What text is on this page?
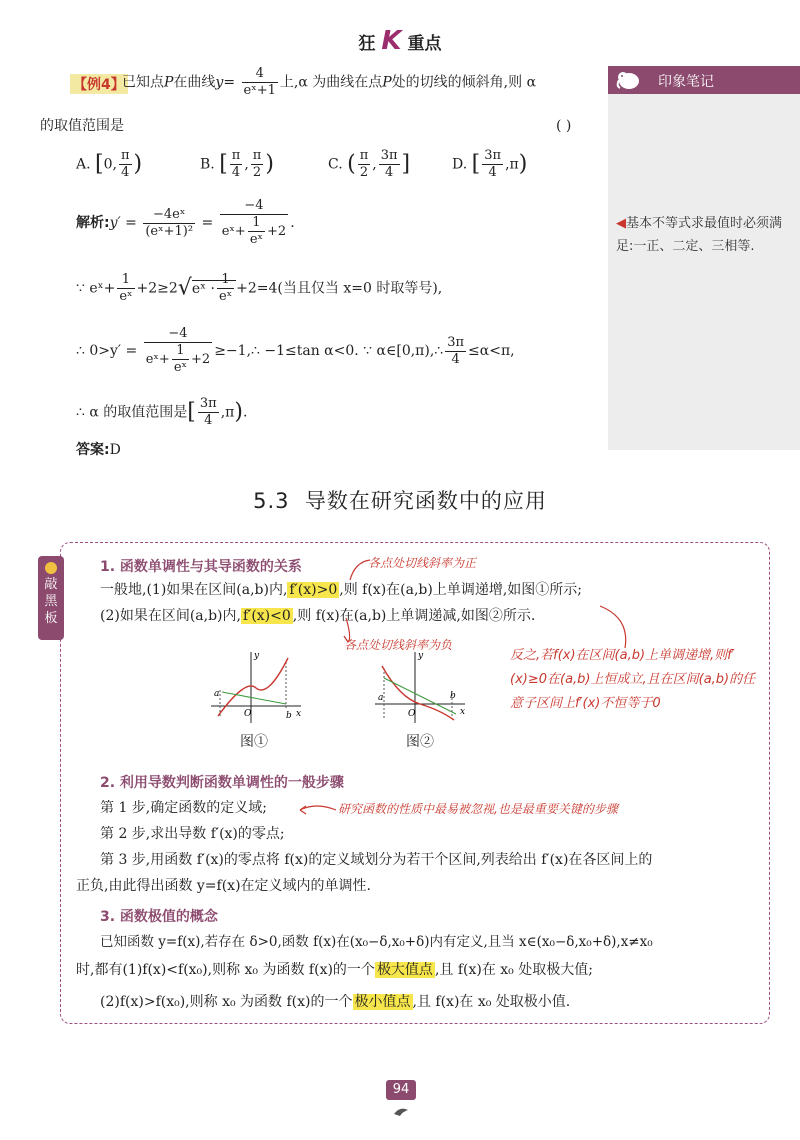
狂 K 重点
印象笔记
◀基本不等式求最值时必须满足:一正、二定、三相等.
【例4】
已知点P在曲线$y= \frac{4}{\text{eˣ+1}}$ 上,α 为曲线在点P处的切线的倾斜角,则 α
的取值范围是	( )
A. [0, $\frac{\pi}{4}$ )	B. [ $\frac{\pi}{4}$ , $\frac{\pi}{2}$ )	C. ( $\frac{\pi}{2}$ , $\frac{3\pi}{4}$ ]	D. [ $\frac{3\pi}{4} ,\pi$)
解析:y′ = $\frac{\text{−4eˣ}}{\text{(eˣ+1)²}} = \frac{-4}{eˣ+ \frac{1}{\text{eˣ}} +2}$ .
∵ eˣ+ $\frac{1}{\text{eˣ}}$ +2≥2√eˣ · $\frac{1}{\text{eˣ}} +2=4$(当且仅当 x=0 时取等号),
∴ $0>y' = \frac{-4}{eˣ+ \frac{1}{\text{eˣ}} +2}$ ≥−1,∴ −1≤tan α<0. ∵ α∈[0,π),∴ $\frac{3\pi}{4} \le\alpha<\pi$,
∴ α 的取值范围是[ $\frac{3\pi}{4} ,\pi$).
答案:D
5.3 导数在研究函数中的应用
敲黑板
1. 函数单调性与其导函数的关系
一般地,(1)如果在区间(a,b)内, f′(x)>0 ,则 f(x)在(a,b)上单调递增,如图①所示;
(2)如果在区间(a,b)内, f′(x)<0 ,则 f(x)在(a,b)上单调递减,如图②所示.
各点处切线斜率为正
各点处切线斜率为负
反之,若f(x)在区间(a,b)上单调递增,则f′(x)≥0在(a,b)上恒成立,且在区间(a,b)的任意子区间上f′(x)不恒等于0
研究函数的性质中最易被忽视,也是最重要关键的步骤
a
O	b x
y
图①
a
O
b
x
y
图②
2. 利用导数判断函数单调性的一般步骤
第 1 步,确定函数的定义域;
第 2 步,求出导数 f′(x)的零点;
第 3 步,用函数 f′(x)的零点将 f(x)的定义域划分为若干个区间,列表给出 f′(x)在各区间上的
正负,由此得出函数 y=f(x)在定义域内的单调性.
3. 函数极值的概念
已知函数 y=f(x),若存在 δ>0,函数 f(x)在(x₀−δ,x₀+δ)内有定义,且当 x∈(x₀−δ,x₀+δ),x≠x₀
时,都有(1)f(x)<f(x₀),则称 x₀ 为函数 f(x)的一个 极大值点 ,且 f(x)在 x₀ 处取极大值;
(2)f(x)>f(x₀),则称 x₀ 为函数 f(x)的一个 极小值点 ,且 f(x)在 x₀ 处取极小值.
94
